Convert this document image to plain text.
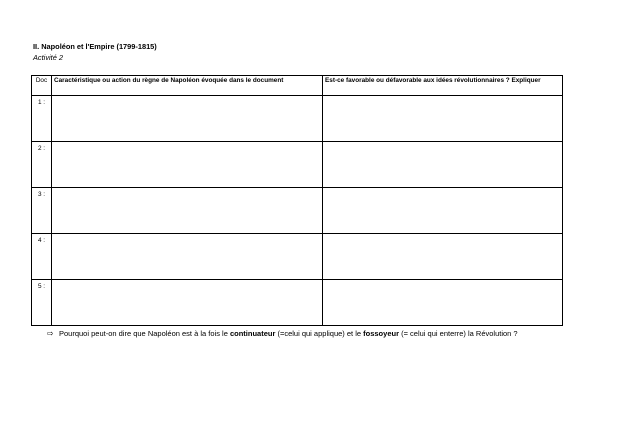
II. Napoléon et l'Empire (1799-1815)
Activité 2
Doc	Caractéristique ou action du règne de Napoléon évoquée dans le document	Est-ce favorable ou défavorable aux idées révolutionnaires ? Expliquer
1 :		
2 :		
3 :		
4 :		
5 :		
⇨ Pourquoi peut-on dire que Napoléon est à la fois le continuateur (=celui qui applique) et le fossoyeur (= celui qui enterre) la Révolution ?
